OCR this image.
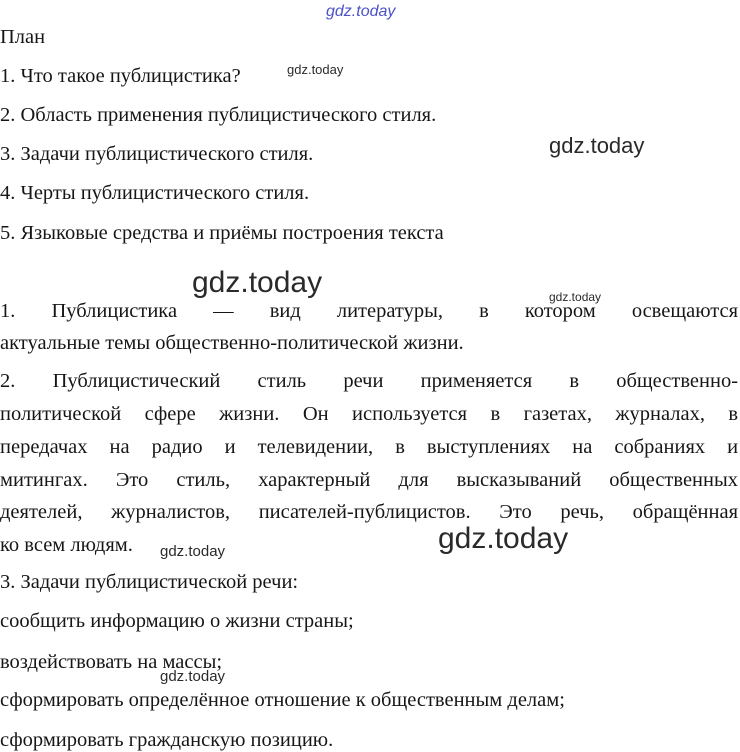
gdz.today
gdz.today
gdz.today
gdz.today	gdz.today
gdz.today
gdz.today
gdz.today
План
1. Что такое публицистика?
2. Область применения публицистического стиля.
3. Задачи публицистического стиля.
4. Черты публицистического стиля.
5. Языковые средства и приёмы построения текста
1. Публицистика — вид литературы, в котором освещаются
актуальные темы общественно-политической жизни.
2. Публицистический стиль речи применяется в общественно-
политической сфере жизни. Он используется в газетах, журналах, в
передачах на радио и телевидении, в выступлениях на собраниях и
митингах. Это стиль, характерный для высказываний общественных
деятелей, журналистов, писателей-публицистов. Это речь, обращённая
ко всем людям.
3. Задачи публицистической речи:
сообщить информацию о жизни страны;
воздействовать на массы;
сформировать определённое отношение к общественным делам;
сформировать гражданскую позицию.
